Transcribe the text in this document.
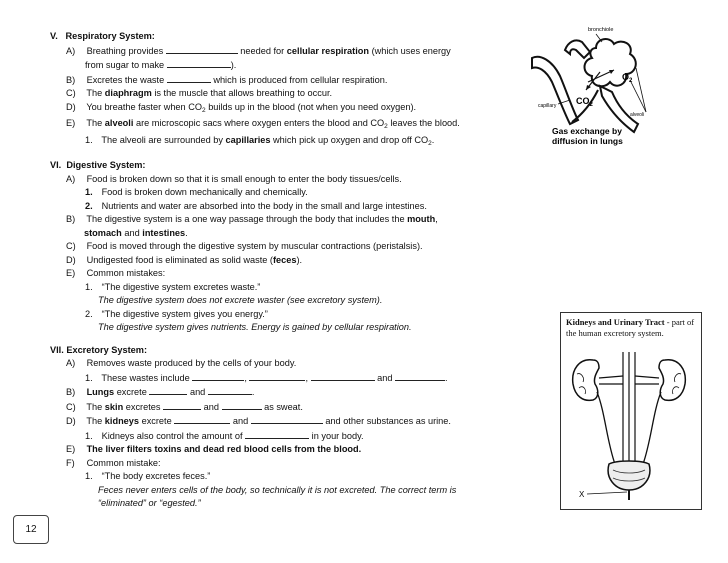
V.   Respiratory System:
A) Breathing provides	needed for cellular respiration (which uses energy
from sugar to make	).
B) Excretes the waste	which is produced from cellular respiration.
C) The diaphragm is the muscle that allows breathing to occur.
D) You breathe faster when $CO_2$ builds up in the blood (not when you need oxygen).
E) The alveoli are microscopic sacs where oxygen enters the blood and $CO_2$ leaves the blood.
1. The alveoli are surrounded by capillaries which pick up oxygen and drop off $CO_2$.
VI.  Digestive System:
A) Food is broken down so that it is small enough to enter the body tissues/cells.
1. Food is broken down mechanically and chemically.
2. Nutrients and water are absorbed into the body in the small and large intestines.
B) The digestive system is a one way passage through the body that includes the mouth,
stomach and intestines.
C) Food is moved through the digestive system by muscular contractions (peristalsis).
D) Undigested food is eliminated as solid waste (feces).
E) Common mistakes:
1. “The digestive system excretes waste.”
The digestive system does not excrete waster (see excretory system).
2. “The digestive system gives you energy.”
The digestive system gives nutrients. Energy is gained by cellular respiration.
VII. Excretory System:
A) Removes waste produced by the cells of your body.
1. These wastes include	,	,	and	.
B) Lungs excrete	and	.
C) The skin excretes	and	as sweat.
D) The kidneys excrete	and	and other substances as urine.
1. Kidneys also control the amount of	in your body.
E) The liver filters toxins and dead red blood cells from the blood.
F) Common mistake:
1. “The body excretes feces.”
Feces never enters cells of the body, so technically it is not excreted. The correct term is
“eliminated” or “egested.”
bronchiole
$O_2$
$CO_2$
capillary
alveoli
Gas exchange by
diffusion in lungs
Kidneys and Urinary Tract - part of the human excretory system.
X
12
